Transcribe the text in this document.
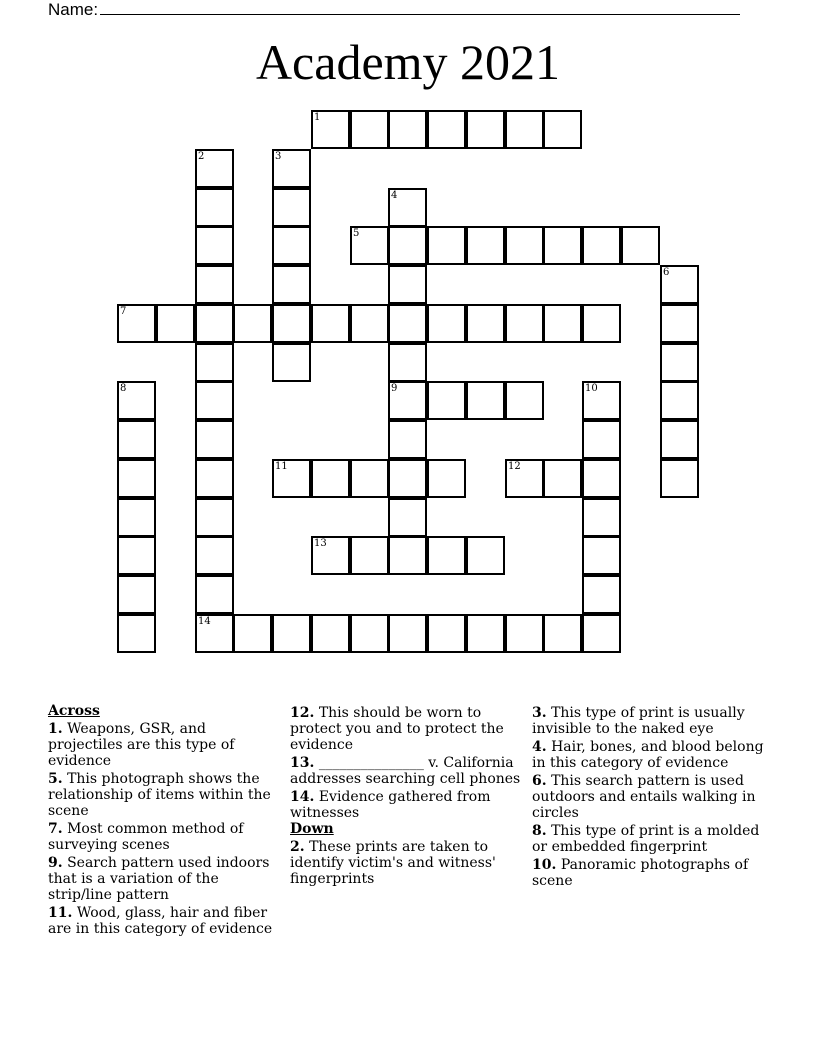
Name:
Academy 2021
1
2	3
4
9
5
6
7
8	10
11	12
13
14
Across
1. Weapons, GSR, and projectiles are this type of evidence
5. This photograph shows the relationship of items within the scene
7. Most common method of surveying scenes
9. Search pattern used indoors that is a variation of the strip/line pattern
11. Wood, glass, hair and fiber are in this category of evidence
12. This should be worn to protect you and to protect the evidence
13. _______________ v. California addresses searching cell phones
14. Evidence gathered from witnesses
Down
2. These prints are taken to identify victim's and witness' fingerprints
3. This type of print is usually invisible to the naked eye
4. Hair, bones, and blood belong in this category of evidence
6. This search pattern is used outdoors and entails walking in circles
8. This type of print is a molded or embedded fingerprint
10. Panoramic photographs of scene
